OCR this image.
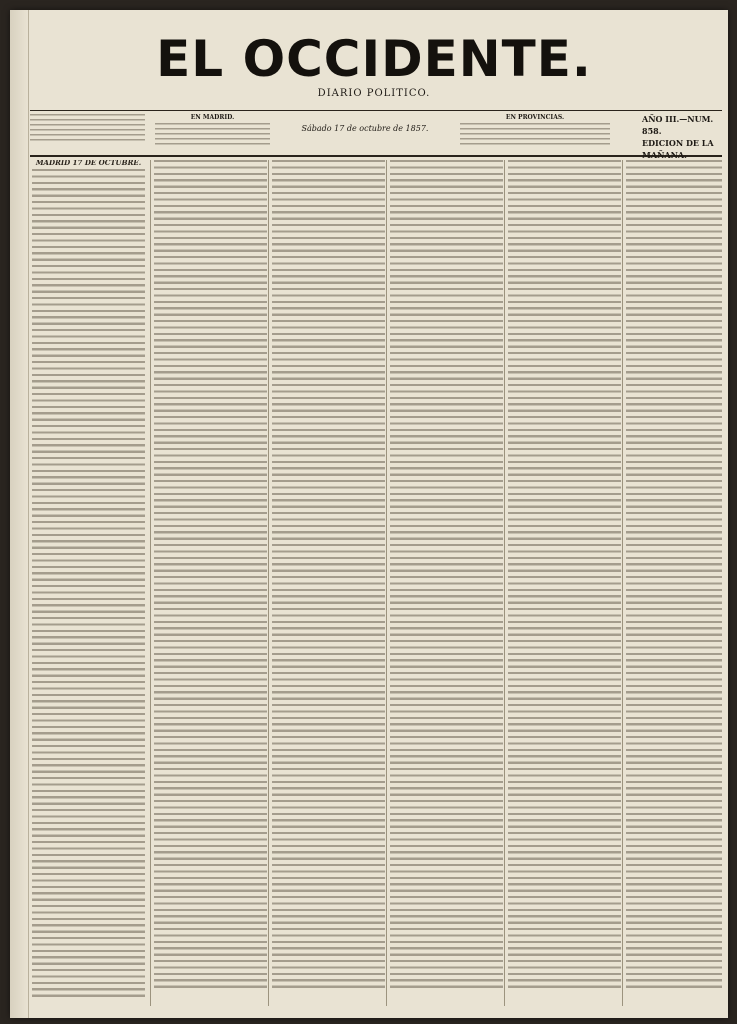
EL OCCIDENTE.
DIARIO POLITICO.
EN MADRID.
Sábado 17 de octubre de 1857.
EN PROVINCIAS.	AÑO III.—NUM. 858.
EDICION DE LA MAÑANA.
MADRID 17 DE OCTUBRE.
